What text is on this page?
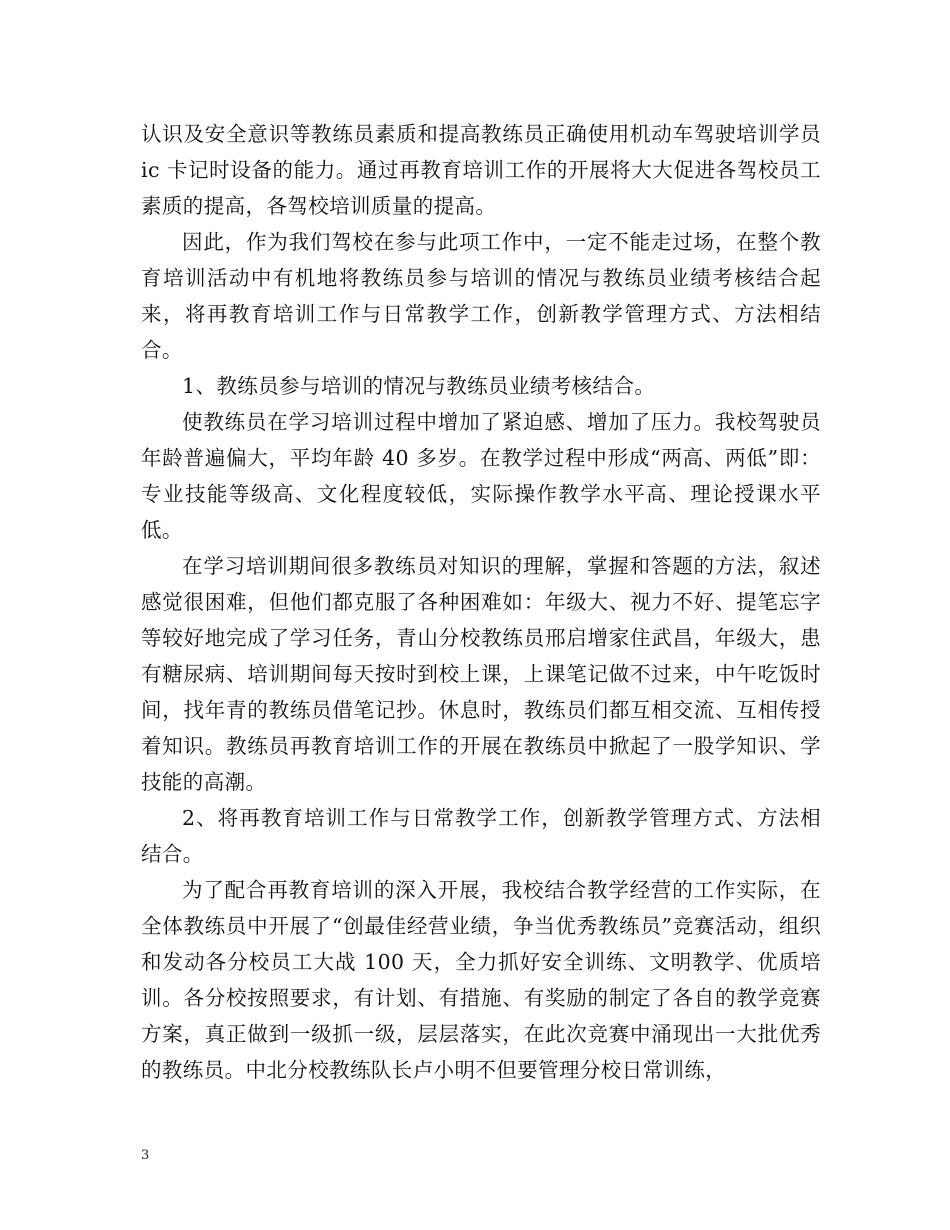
认识及安全意识等教练员素质和提高教练员正确使用机动车驾驶培训学员 ic 卡记时设备的能力。通过再教育培训工作的开展将大大促进各驾校员工素质的提高，各驾校培训质量的提高。

因此，作为我们驾校在参与此项工作中，一定不能走过场，在整个教育培训活动中有机地将教练员参与培训的情况与教练员业绩考核结合起来，将再教育培训工作与日常教学工作，创新教学管理方式、方法相结合。

1、教练员参与培训的情况与教练员业绩考核结合。

使教练员在学习培训过程中增加了紧迫感、增加了压力。我校驾驶员年龄普遍偏大，平均年龄 40 多岁。在教学过程中形成“两高、两低”即：专业技能等级高、文化程度较低，实际操作教学水平高、理论授课水平低。

在学习培训期间很多教练员对知识的理解，掌握和答题的方法，叙述感觉很困难，但他们都克服了各种困难如：年级大、视力不好、提笔忘字等较好地完成了学习任务，青山分校教练员邢启增家住武昌，年级大，患有糖尿病、培训期间每天按时到校上课，上课笔记做不过来，中午吃饭时间，找年青的教练员借笔记抄。休息时，教练员们都互相交流、互相传授着知识。教练员再教育培训工作的开展在教练员中掀起了一股学知识、学技能的高潮。

2、将再教育培训工作与日常教学工作，创新教学管理方式、方法相结合。

为了配合再教育培训的深入开展，我校结合教学经营的工作实际，在全体教练员中开展了“创最佳经营业绩，争当优秀教练员”竞赛活动，组织和发动各分校员工大战 100 天，全力抓好安全训练、文明教学、优质培训。各分校按照要求，有计划、有措施、有奖励的制定了各自的教学竞赛方案，真正做到一级抓一级，层层落实，在此次竞赛中涌现出一大批优秀的教练员。中北分校教练队长卢小明不但要管理分校日常训练，

3
